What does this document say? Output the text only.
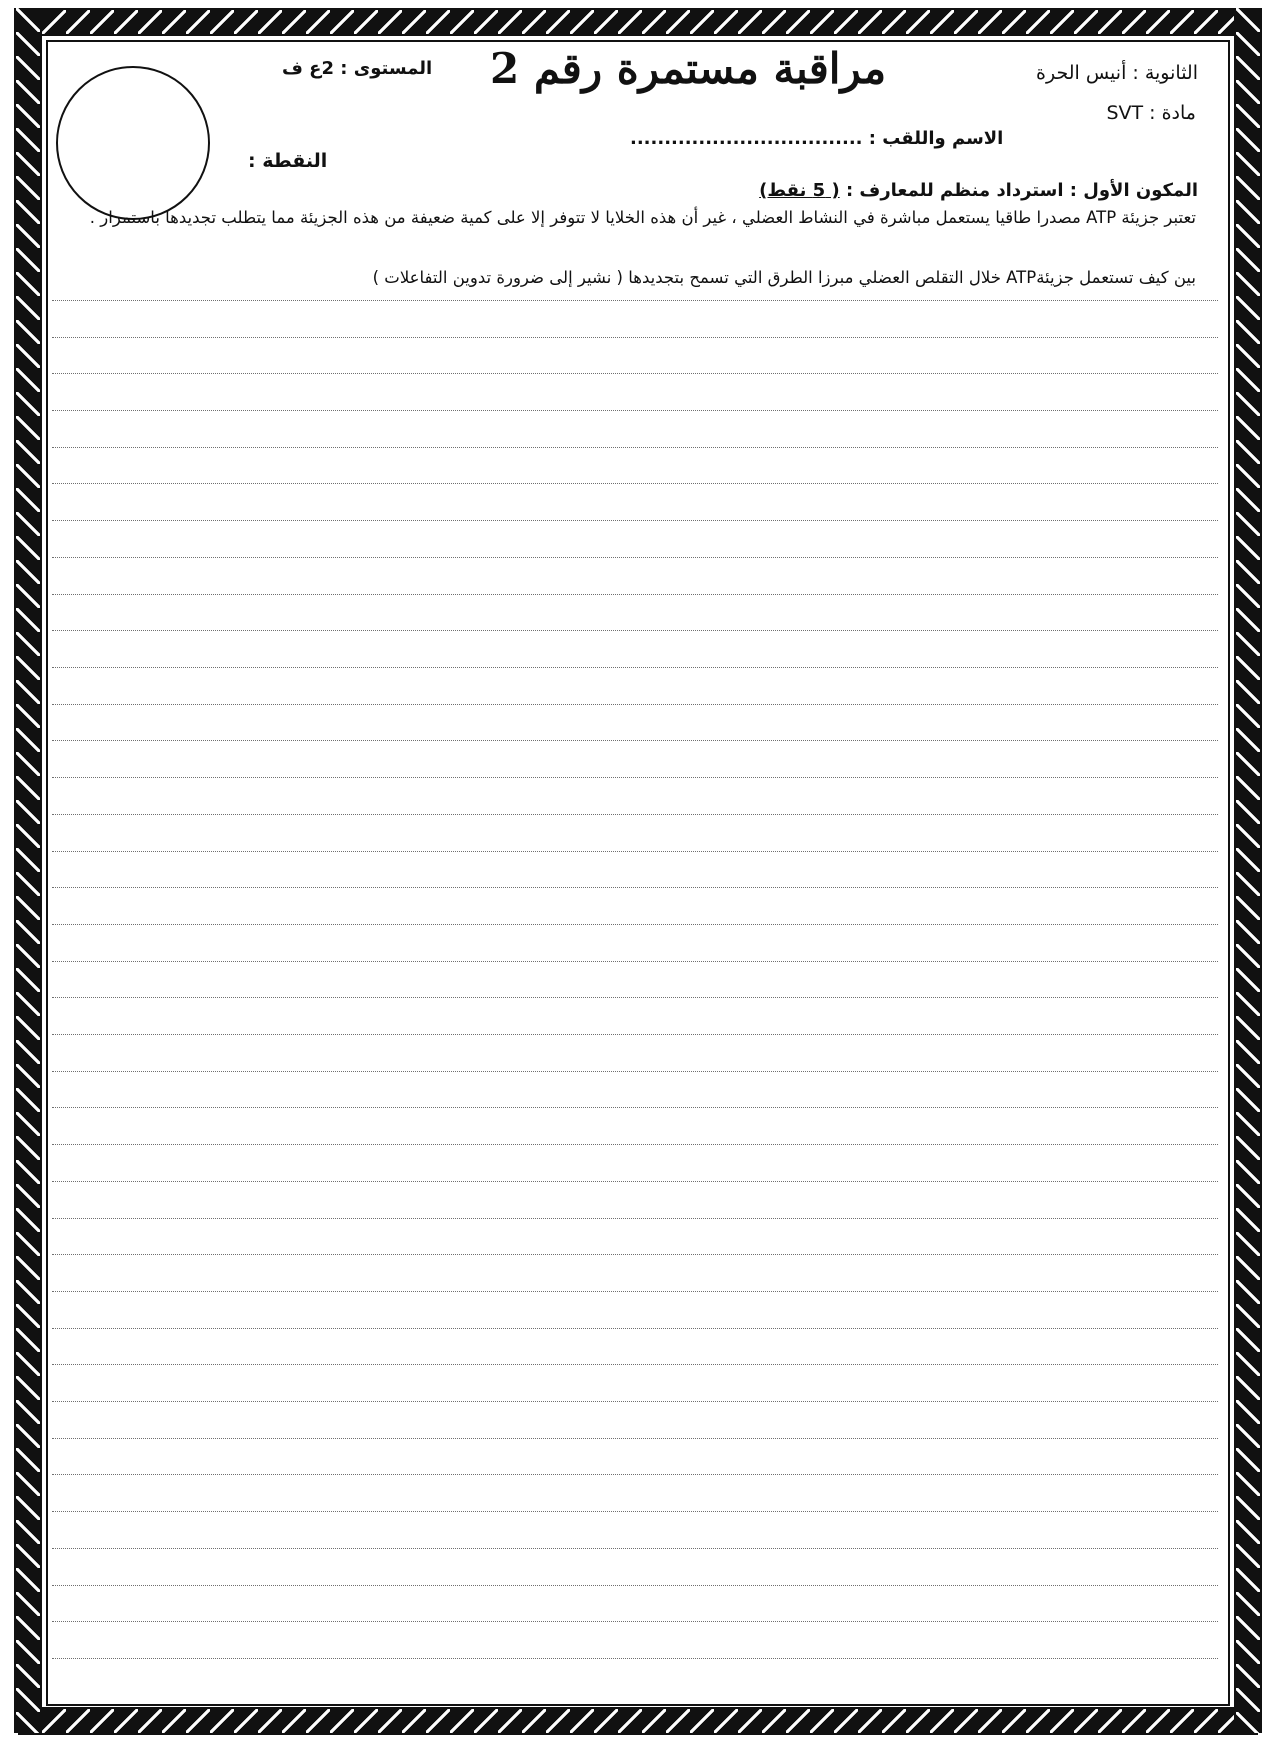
مراقبة مستمرة رقم 2	الثانوية : أنيس الحرة
مادة : SVT
المستوى : 2ع ف
الاسم واللقب : ..................................
النقطة :
المكون الأول : استرداد منظم للمعارف : ( 5 نقط)
تعتبر جزيئة ATP مصدرا طاقيا يستعمل مباشرة في النشاط العضلي ، غير أن هذه الخلايا لا تتوفر إلا على كمية ضعيفة من هذه الجزيئة مما يتطلب تجديدها باستمرار .
بين كيف تستعمل جزيئةATP خلال التقلص العضلي مبرزا الطرق التي تسمح بتجديدها ( نشير إلى ضرورة تدوين التفاعلات )
